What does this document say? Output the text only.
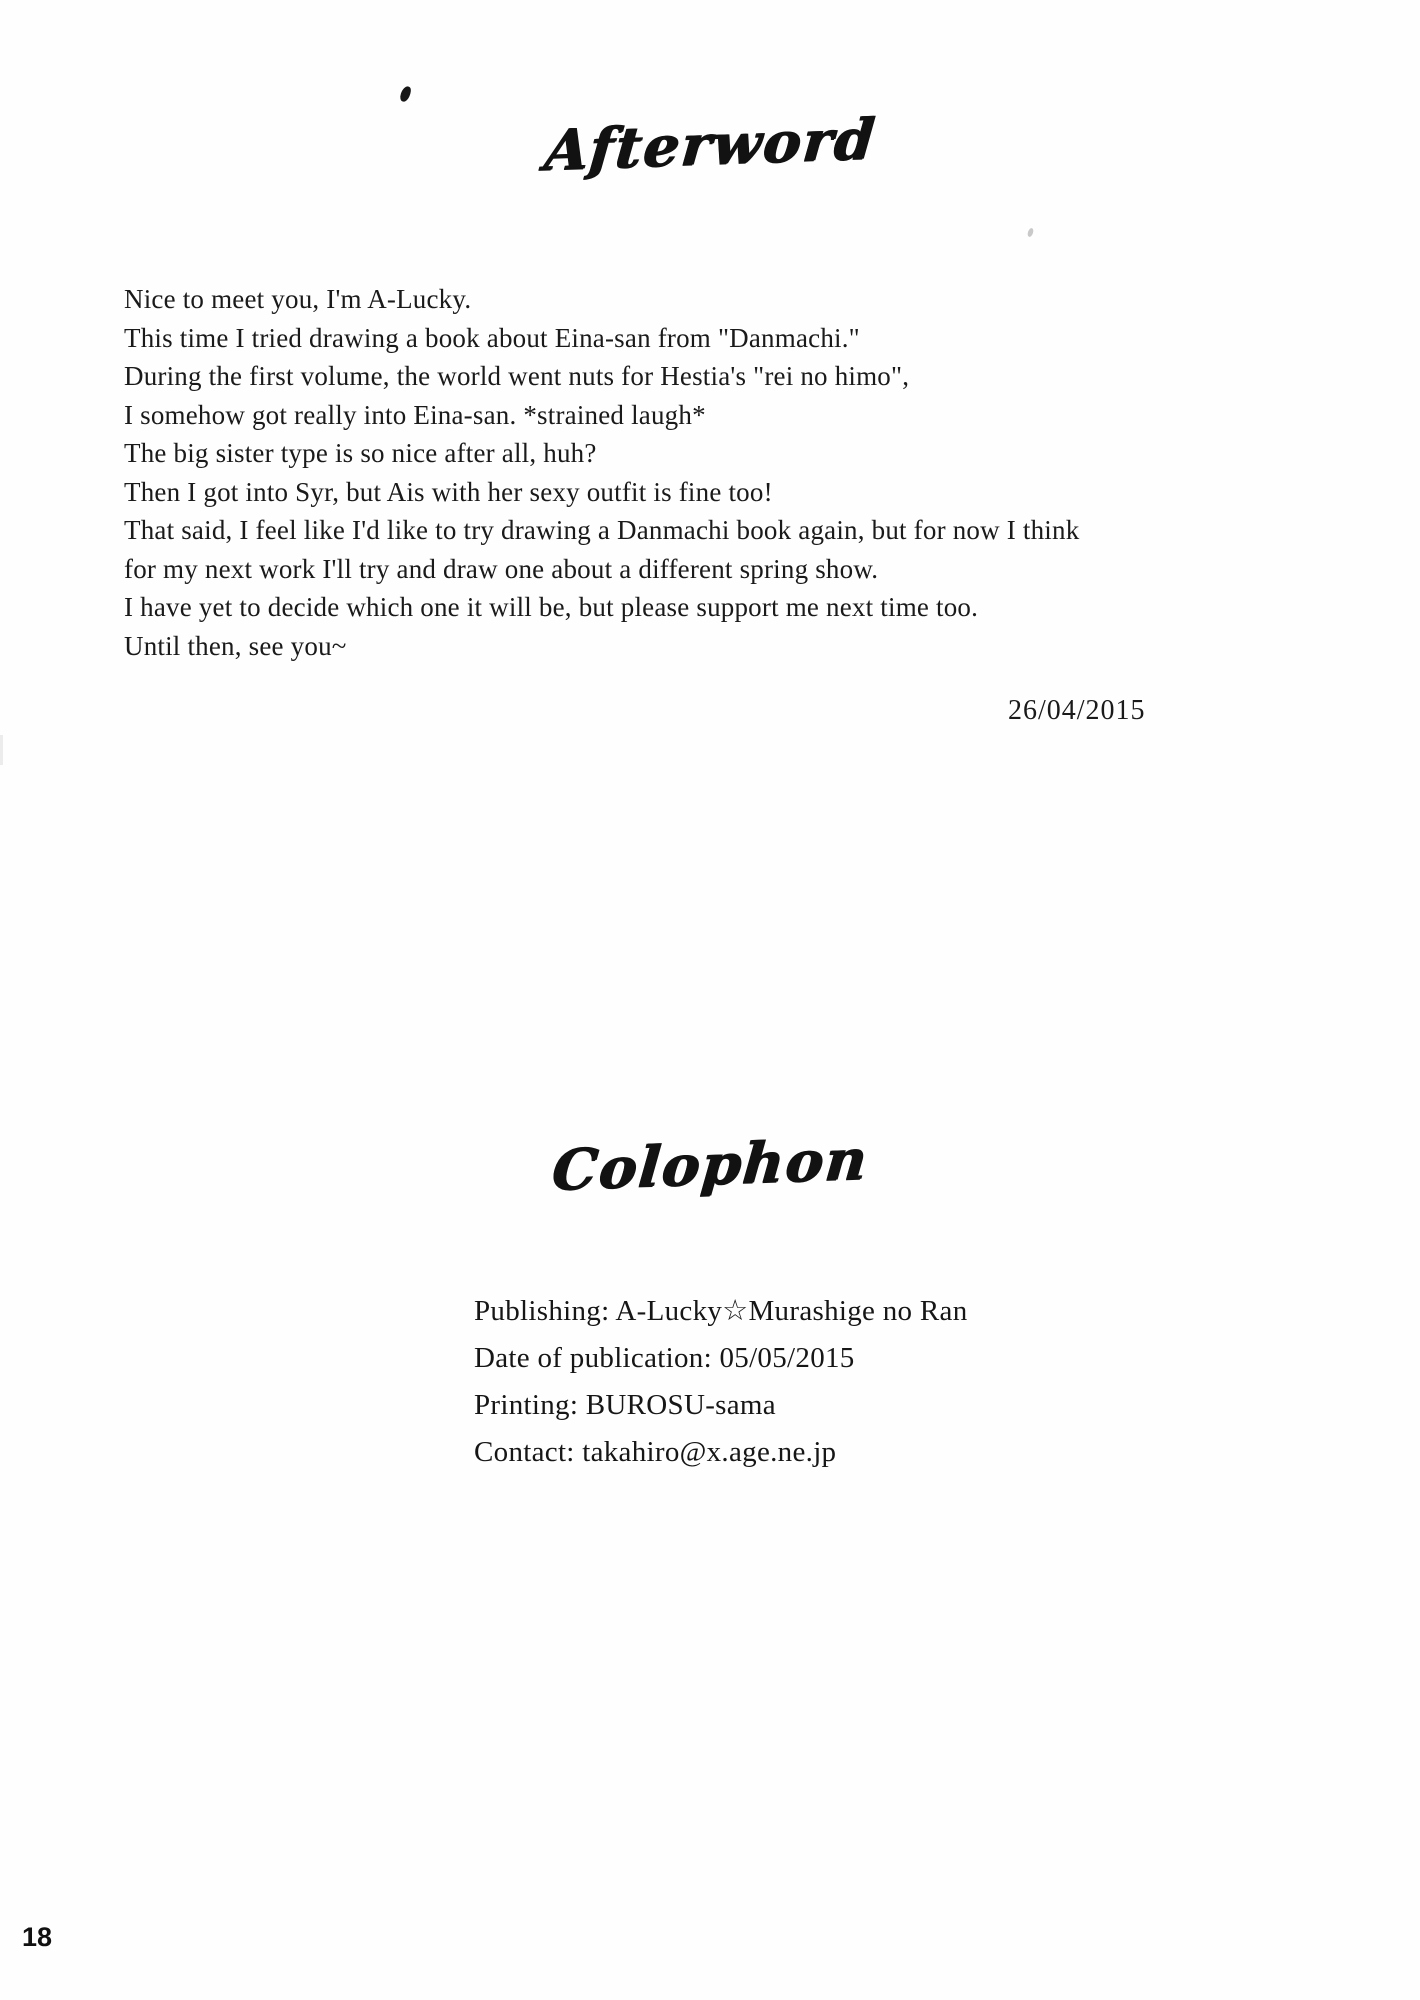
Afterword
Nice to meet you, I'm A-Lucky.
This time I tried drawing a book about Eina-san from "Danmachi."
During the first volume, the world went nuts for Hestia's "rei no himo",
I somehow got really into Eina-san. *strained laugh*
The big sister type is so nice after all, huh?
Then I got into Syr, but Ais with her sexy outfit is fine too!
That said, I feel like I'd like to try drawing a Danmachi book again, but for now I think
for my next work I'll try and draw one about a different spring show.
I have yet to decide which one it will be, but please support me next time too.
Until then, see you~
26/04/2015
Colophon
Publishing: A-Lucky☆Murashige no Ran
Date of publication: 05/05/2015
Printing: BUROSU-sama
Contact: takahiro@x.age.ne.jp
18
